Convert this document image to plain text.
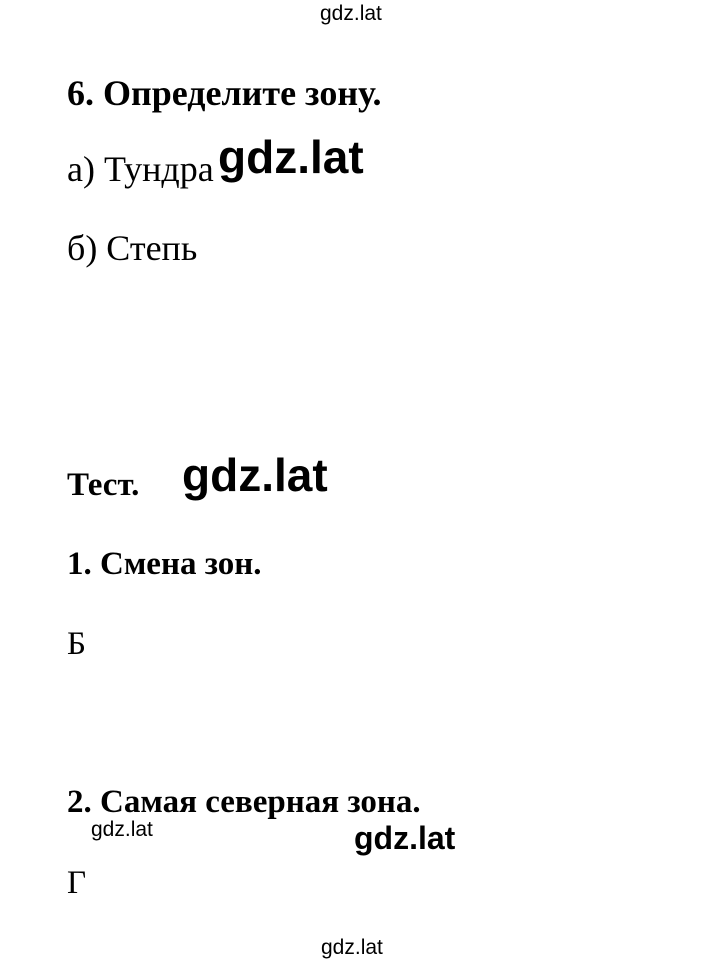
gdz.lat
6. Определите зону.
а) Тундра gdz.lat
б) Степь
Тест. gdz.lat
1. Смена зон.
Б
2. Самая северная зона.
gdz.lat	gdz.lat
Г
gdz.lat
